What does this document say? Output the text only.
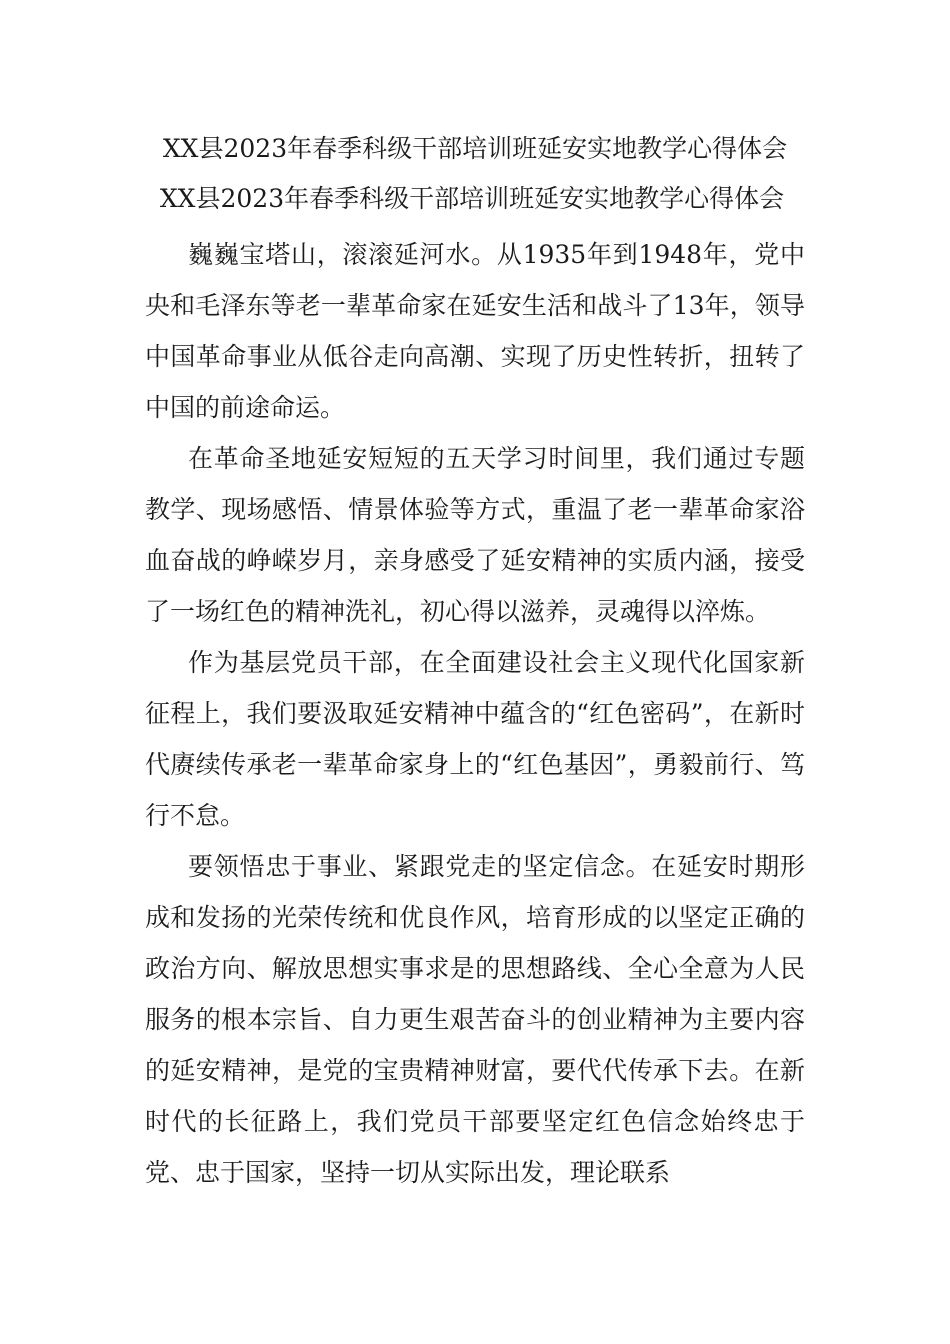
XX县2023年春季科级干部培训班延安实地教学心得体会
XX县2023年春季科级干部培训班延安实地教学心得体会

巍巍宝塔山，滚滚延河水。从1935年到1948年，党中央和毛泽东等老一辈革命家在延安生活和战斗了13年，领导中国革命事业从低谷走向高潮、实现了历史性转折，扭转了中国的前途命运。

在革命圣地延安短短的五天学习时间里，我们通过专题教学、现场感悟、情景体验等方式，重温了老一辈革命家浴血奋战的峥嵘岁月，亲身感受了延安精神的实质内涵，接受了一场红色的精神洗礼，初心得以滋养，灵魂得以淬炼。

作为基层党员干部，在全面建设社会主义现代化国家新征程上，我们要汲取延安精神中蕴含的“红色密码”，在新时代赓续传承老一辈革命家身上的“红色基因”，勇毅前行、笃行不怠。

要领悟忠于事业、紧跟党走的坚定信念。在延安时期形成和发扬的光荣传统和优良作风，培育形成的以坚定正确的政治方向、解放思想实事求是的思想路线、全心全意为人民服务的根本宗旨、自力更生艰苦奋斗的创业精神为主要内容的延安精神，是党的宝贵精神财富，要代代传承下去。在新时代的长征路上，我们党员干部要坚定红色信念始终忠于党、忠于国家，坚持一切从实际出发，理论联系
